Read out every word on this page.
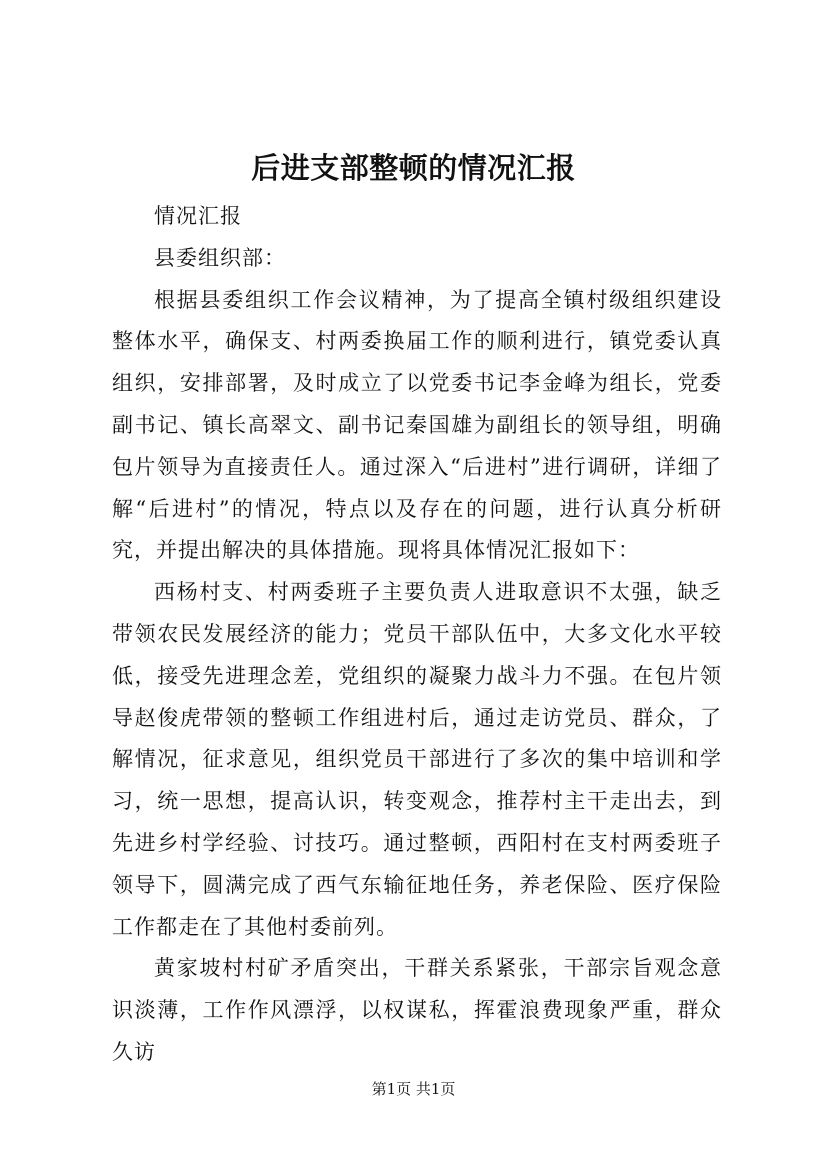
后进支部整顿的情况汇报

情况汇报

县委组织部：

根据县委组织工作会议精神，为了提高全镇村级组织建设整体水平，确保支、村两委换届工作的顺利进行，镇党委认真组织，安排部署，及时成立了以党委书记李金峰为组长，党委副书记、镇长高翠文、副书记秦国雄为副组长的领导组，明确包片领导为直接责任人。通过深入“后进村”进行调研，详细了解“后进村”的情况，特点以及存在的问题，进行认真分析研究，并提出解决的具体措施。现将具体情况汇报如下：

西杨村支、村两委班子主要负责人进取意识不太强，缺乏带领农民发展经济的能力；党员干部队伍中，大多文化水平较低，接受先进理念差，党组织的凝聚力战斗力不强。在包片领导赵俊虎带领的整顿工作组进村后，通过走访党员、群众，了解情况，征求意见，组织党员干部进行了多次的集中培训和学习，统一思想，提高认识，转变观念，推荐村主干走出去，到先进乡村学经验、讨技巧。通过整顿，西阳村在支村两委班子领导下，圆满完成了西气东输征地任务，养老保险、医疗保险工作都走在了其他村委前列。

黄家坡村村矿矛盾突出，干群关系紧张，干部宗旨观念意识淡薄，工作作风漂浮，以权谋私，挥霍浪费现象严重，群众久访

第1页 共1页
